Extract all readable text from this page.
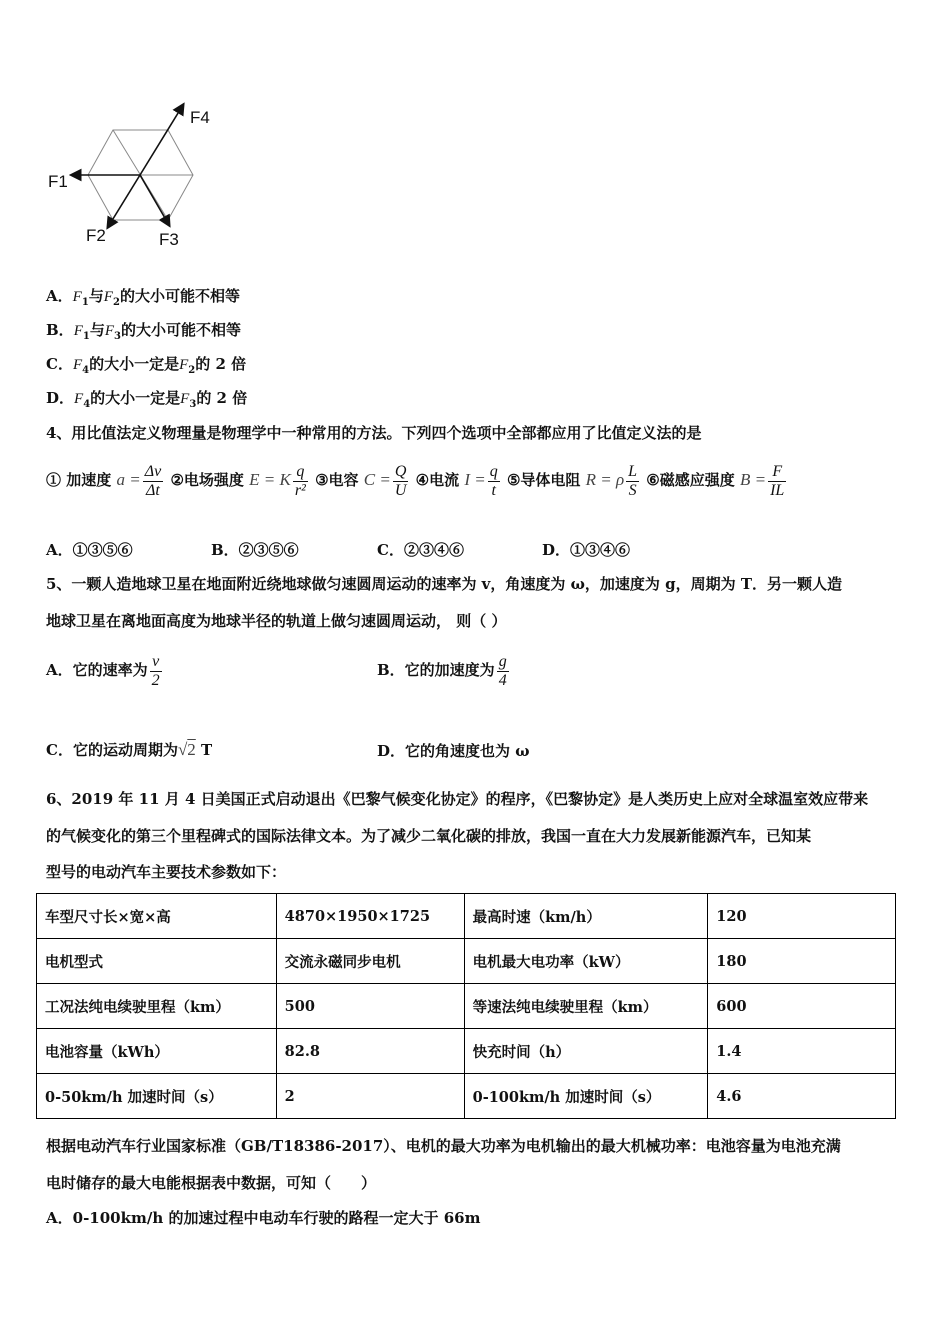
F4
F1
F2	F3
A．$F_1$与$F_2$的大小可能不相等
B．$F_1$与$F_3$的大小可能不相等
C．$F_4$的大小一定是$F_2$的 2 倍
D．$F_4$的大小一定是$F_3$的 2 倍
4、用比值法定义物理量是物理学中一种常用的方法。下列四个选项中全部都应用了比值定义法的是
① 加速度 $a = \frac{\Delta v}{\Delta t}$ ②电场强度 E = K $\frac{q}{\text{r²}}$ ③电容 $C = \frac{Q}{U}$ ④电流 $I = \frac{q}{t}$ ⑤导体电阻 R = ρ $\frac{L}{S}$ ⑥磁感应强度 $B = \frac{F}{IL}$
A．①③⑤⑥	B．②③⑤⑥	C．②③④⑥	D．①③④⑥
5、一颗人造地球卫星在地面附近绕地球做匀速圆周运动的速率为 v，角速度为 ω，加速度为 g，周期为 T．另一颗人造
地球卫星在离地面高度为地球半径的轨道上做匀速圆周运动， 则（ ）
A．它的速率为 $\frac{v}{2}$	B．它的加速度为 $\frac{g}{4}$
C．它的运动周期为√2 T	D．它的角速度也为 ω
6、2019 年 11 月 4 日美国正式启动退出《巴黎气候变化协定》的程序，《巴黎协定》是人类历史上应对全球温室效应带来
的气候变化的第三个里程碑式的国际法律文本。为了减少二氧化碳的排放，我国一直在大力发展新能源汽车，已知某
型号的电动汽车主要技术参数如下：
车型尺寸长×宽×高	4870×1950×1725	最高时速（km/h）	120
电机型式	交流永磁同步电机	电机最大电功率（kW）	180
工况法纯电续驶里程（km）	500	等速法纯电续驶里程（km）	600
电池容量（kWh）	82.8	快充时间（h）	1.4
0-50km/h 加速时间（s）	2	0-100km/h 加速时间（s）	4.6
根据电动汽车行业国家标准（GB/T18386-2017）、电机的最大功率为电机输出的最大机械功率：电池容量为电池充满
电时储存的最大电能根据表中数据，可知（　　）
A．0-100km/h 的加速过程中电动车行驶的路程一定大于 66m
